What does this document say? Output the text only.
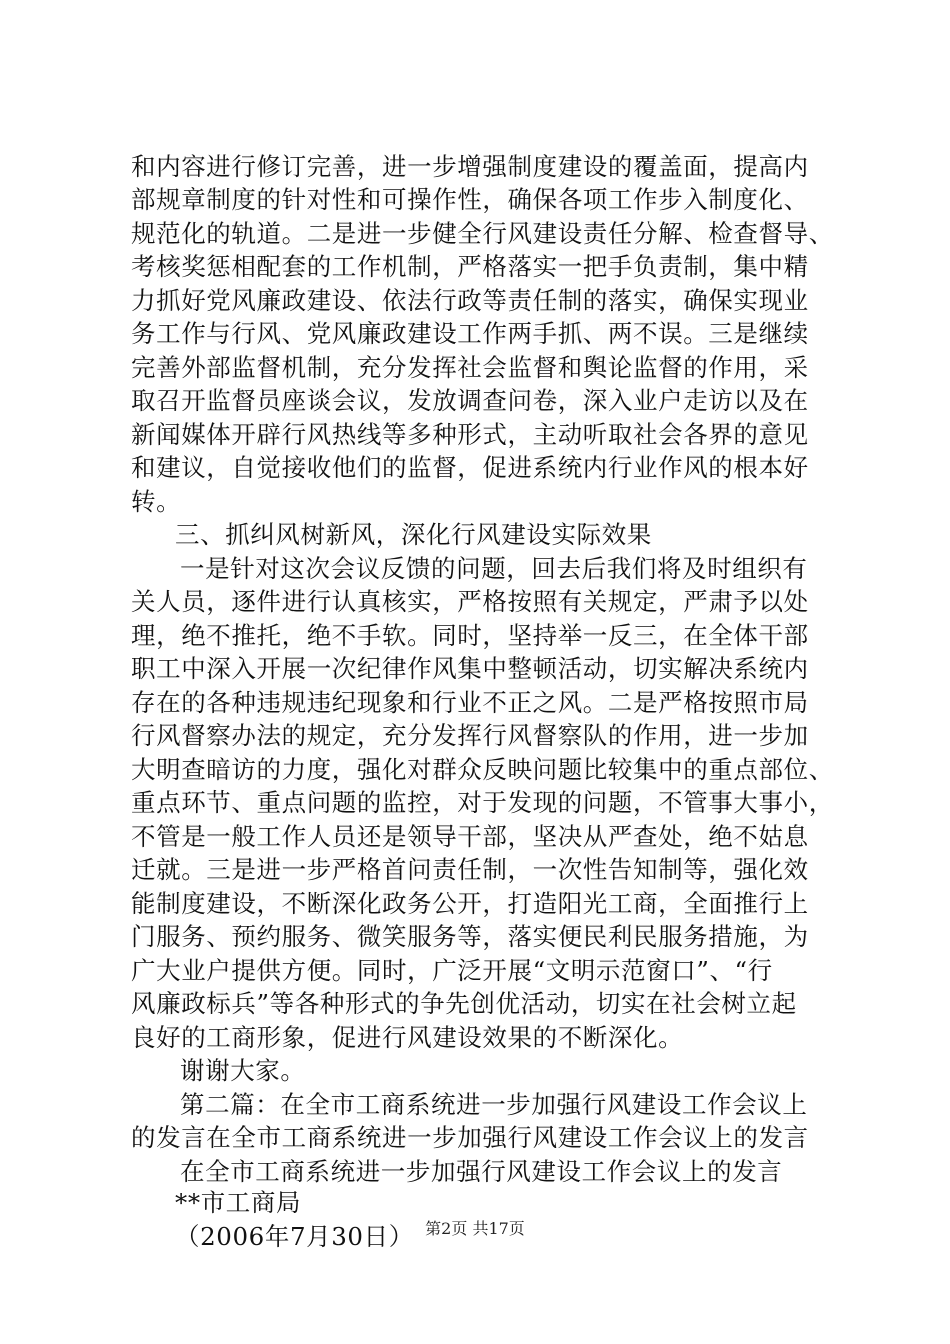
和内容进行修订完善，进一步增强制度建设的覆盖面，提高内
部规章制度的针对性和可操作性，确保各项工作步入制度化、
规范化的轨道。二是进一步健全行风建设责任分解、检查督导、
考核奖惩相配套的工作机制，严格落实一把手负责制，集中精
力抓好党风廉政建设、依法行政等责任制的落实，确保实现业
务工作与行风、党风廉政建设工作两手抓、两不误。三是继续
完善外部监督机制，充分发挥社会监督和舆论监督的作用，采
取召开监督员座谈会议，发放调查问卷，深入业户走访以及在
新闻媒体开辟行风热线等多种形式，主动听取社会各界的意见
和建议，自觉接收他们的监督，促进系统内行业作风的根本好
转。
三、抓纠风树新风，深化行风建设实际效果
一是针对这次会议反馈的问题，回去后我们将及时组织有
关人员，逐件进行认真核实，严格按照有关规定，严肃予以处
理，绝不推托，绝不手软。同时，坚持举一反三，在全体干部
职工中深入开展一次纪律作风集中整顿活动，切实解决系统内
存在的各种违规违纪现象和行业不正之风。二是严格按照市局
行风督察办法的规定，充分发挥行风督察队的作用，进一步加
大明查暗访的力度，强化对群众反映问题比较集中的重点部位、
重点环节、重点问题的监控，对于发现的问题，不管事大事小，
不管是一般工作人员还是领导干部，坚决从严查处，绝不姑息
迁就。三是进一步严格首问责任制，一次性告知制等，强化效
能制度建设，不断深化政务公开，打造阳光工商，全面推行上
门服务、预约服务、微笑服务等，落实便民利民服务措施，为
广大业户提供方便。同时，广泛开展“文明示范窗口”、“行
风廉政标兵”等各种形式的争先创优活动，切实在社会树立起
良好的工商形象，促进行风建设效果的不断深化。
谢谢大家。
第二篇：在全市工商系统进一步加强行风建设工作会议上
的发言在全市工商系统进一步加强行风建设工作会议上的发言
在全市工商系统进一步加强行风建设工作会议上的发言
**市工商局
（2006年7月30日） 第2页 共17页
